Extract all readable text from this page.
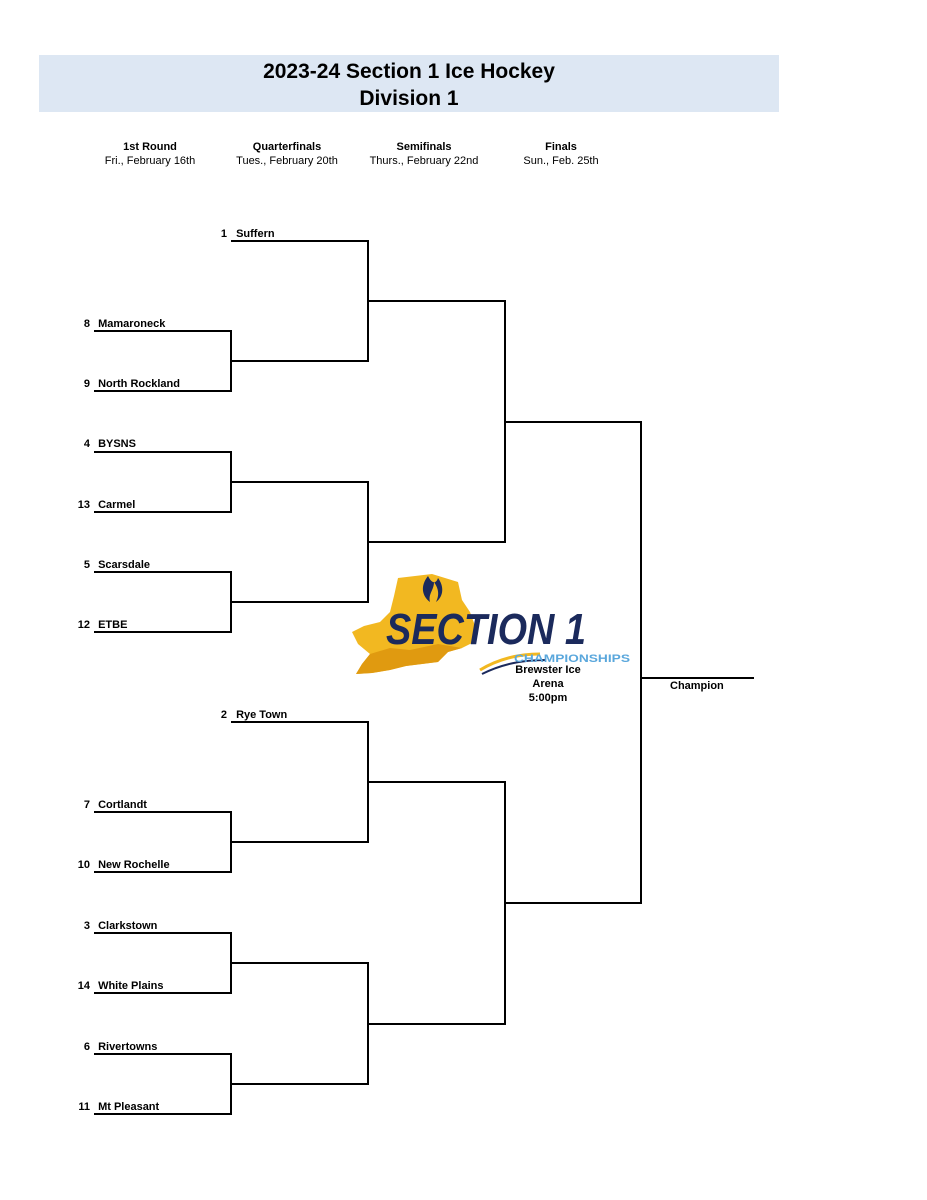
2023-24 Section 1 Ice Hockey
Division 1
1st Round
Fri., February 16th
Quarterfinals
Tues., February 20th
Semifinals
Thurs., February 22nd
Finals
Sun., Feb. 25th
1 Suffern
8 Mamaroneck
9 North Rockland
4 BYSNS
13 Carmel
5 Scarsdale
12 ETBE
2 Rye Town
7 Cortlandt
10 New Rochelle
3 Clarkstown
14 White Plains
6 Rivertowns
11 Mt Pleasant
SECTION 1
CHAMPIONSHIPS
Brewster Ice Arena
5:00pm
Champion
